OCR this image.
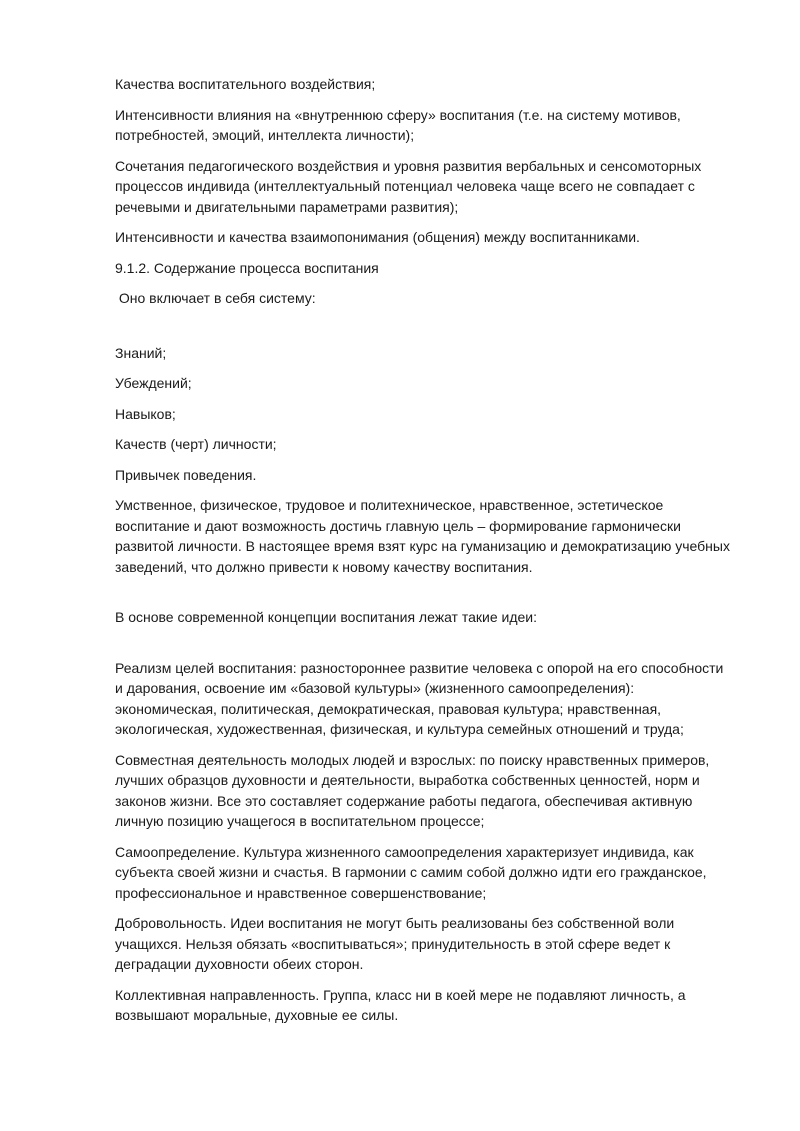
Качества воспитательного воздействия;

Интенсивности влияния на «внутреннюю сферу» воспитания (т.е. на систему мотивов, потребностей, эмоций, интеллекта личности);

Сочетания педагогического воздействия и уровня развития вербальных и сенсомоторных процессов индивида (интеллектуальный потенциал человека чаще всего не совпадает с речевыми и двигательными параметрами развития);

Интенсивности и качества взаимопонимания (общения) между воспитанниками.

9.1.2. Содержание процесса воспитания

Оно включает в себя систему:

Знаний;

Убеждений;

Навыков;

Качеств (черт) личности;

Привычек поведения.

Умственное, физическое, трудовое и политехническое, нравственное, эстетическое воспитание и дают возможность достичь главную цель – формирование гармонически развитой личности. В настоящее время взят курс на гуманизацию и демократизацию учебных заведений, что должно привести к новому качеству воспитания.

В основе современной концепции воспитания лежат такие идеи:

Реализм целей воспитания: разностороннее развитие человека с опорой на его способности и дарования, освоение им «базовой культуры» (жизненного самоопределения): экономическая, политическая, демократическая, правовая культура; нравственная, экологическая, художественная, физическая, и культура семейных отношений и труда;

Совместная деятельность молодых людей и взрослых: по поиску нравственных примеров, лучших образцов духовности и деятельности, выработка собственных ценностей, норм и законов жизни. Все это составляет содержание работы педагога, обеспечивая активную личную позицию учащегося в воспитательном процессе;

Самоопределение. Культура жизненного самоопределения характеризует индивида, как субъекта своей жизни и счастья. В гармонии с самим собой должно идти его гражданское, профессиональное и нравственное совершенствование;

Добровольность. Идеи воспитания не могут быть реализованы без собственной воли учащихся. Нельзя обязать «воспитываться»; принудительность в этой сфере ведет к деградации духовности обеих сторон.

Коллективная направленность. Группа, класс ни в коей мере не подавляют личность, а возвышают моральные, духовные ее силы.
